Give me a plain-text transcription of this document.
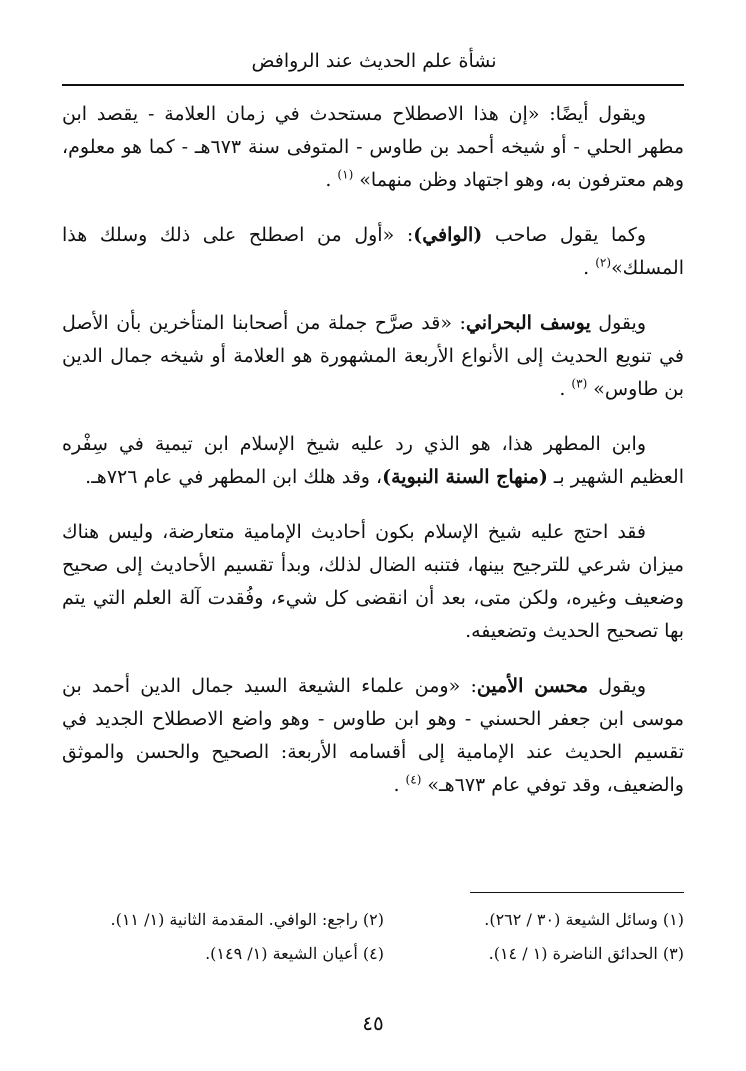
نشأة علم الحديث عند الروافض

ويقول أيضًا: «إن هذا الاصطلاح مستحدث في زمان العلامة - يقصد ابن مطهر الحلي - أو شيخه أحمد بن طاوس - المتوفى سنة ٦٧٣هـ - كما هو معلوم، وهم معترفون به، وهو اجتهاد وظن منهما» $^{(١)}$ .

وكما يقول صاحب (الوافي): «أول من اصطلح على ذلك وسلك هذا المسلك»$^{(٢)}$ .

ويقول يوسف البحراني: «قد صرَّح جملة من أصحابنا المتأخرين بأن الأصل في تنويع الحديث إلى الأنواع الأربعة المشهورة هو العلامة أو شيخه جمال الدين بن طاوس» $^{(٣)}$ .

وابن المطهر هذا، هو الذي رد عليه شيخ الإسلام ابن تيمية في سِفْره العظيم الشهير بـ (منهاج السنة النبوية)، وقد هلك ابن المطهر في عام ٧٢٦هـ.

فقد احتج عليه شيخ الإسلام بكون أحاديث الإمامية متعارضة، وليس هناك ميزان شرعي للترجيح بينها، فتنبه الضال لذلك، وبدأ تقسيم الأحاديث إلى صحيح وضعيف وغيره، ولكن متى، بعد أن انقضى كل شيء، وفُقدت آلة العلم التي يتم بها تصحيح الحديث وتضعيفه.

ويقول محسن الأمين: «ومن علماء الشيعة السيد جمال الدين أحمد بن موسى ابن جعفر الحسني - وهو ابن طاوس - وهو واضع الاصطلاح الجديد في تقسيم الحديث عند الإمامية إلى أقسامه الأربعة: الصحيح والحسن والموثق والضعيف، وقد توفي عام ٦٧٣هـ» $^{(٤)}$ .

(١) وسائل الشيعة (٣٠ / ٢٦٢).
(٢) راجع: الوافي. المقدمة الثانية (١/ ١١).
(٣) الحدائق الناضرة (١ / ١٤).
(٤) أعيان الشيعة (١/ ١٤٩).
٤٥
